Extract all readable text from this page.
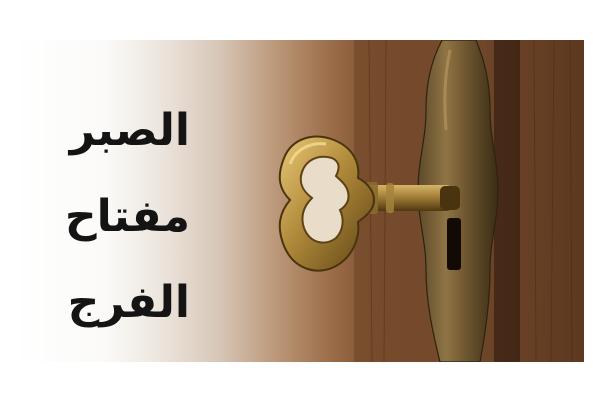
الصبر
مفتاح
الفرج
